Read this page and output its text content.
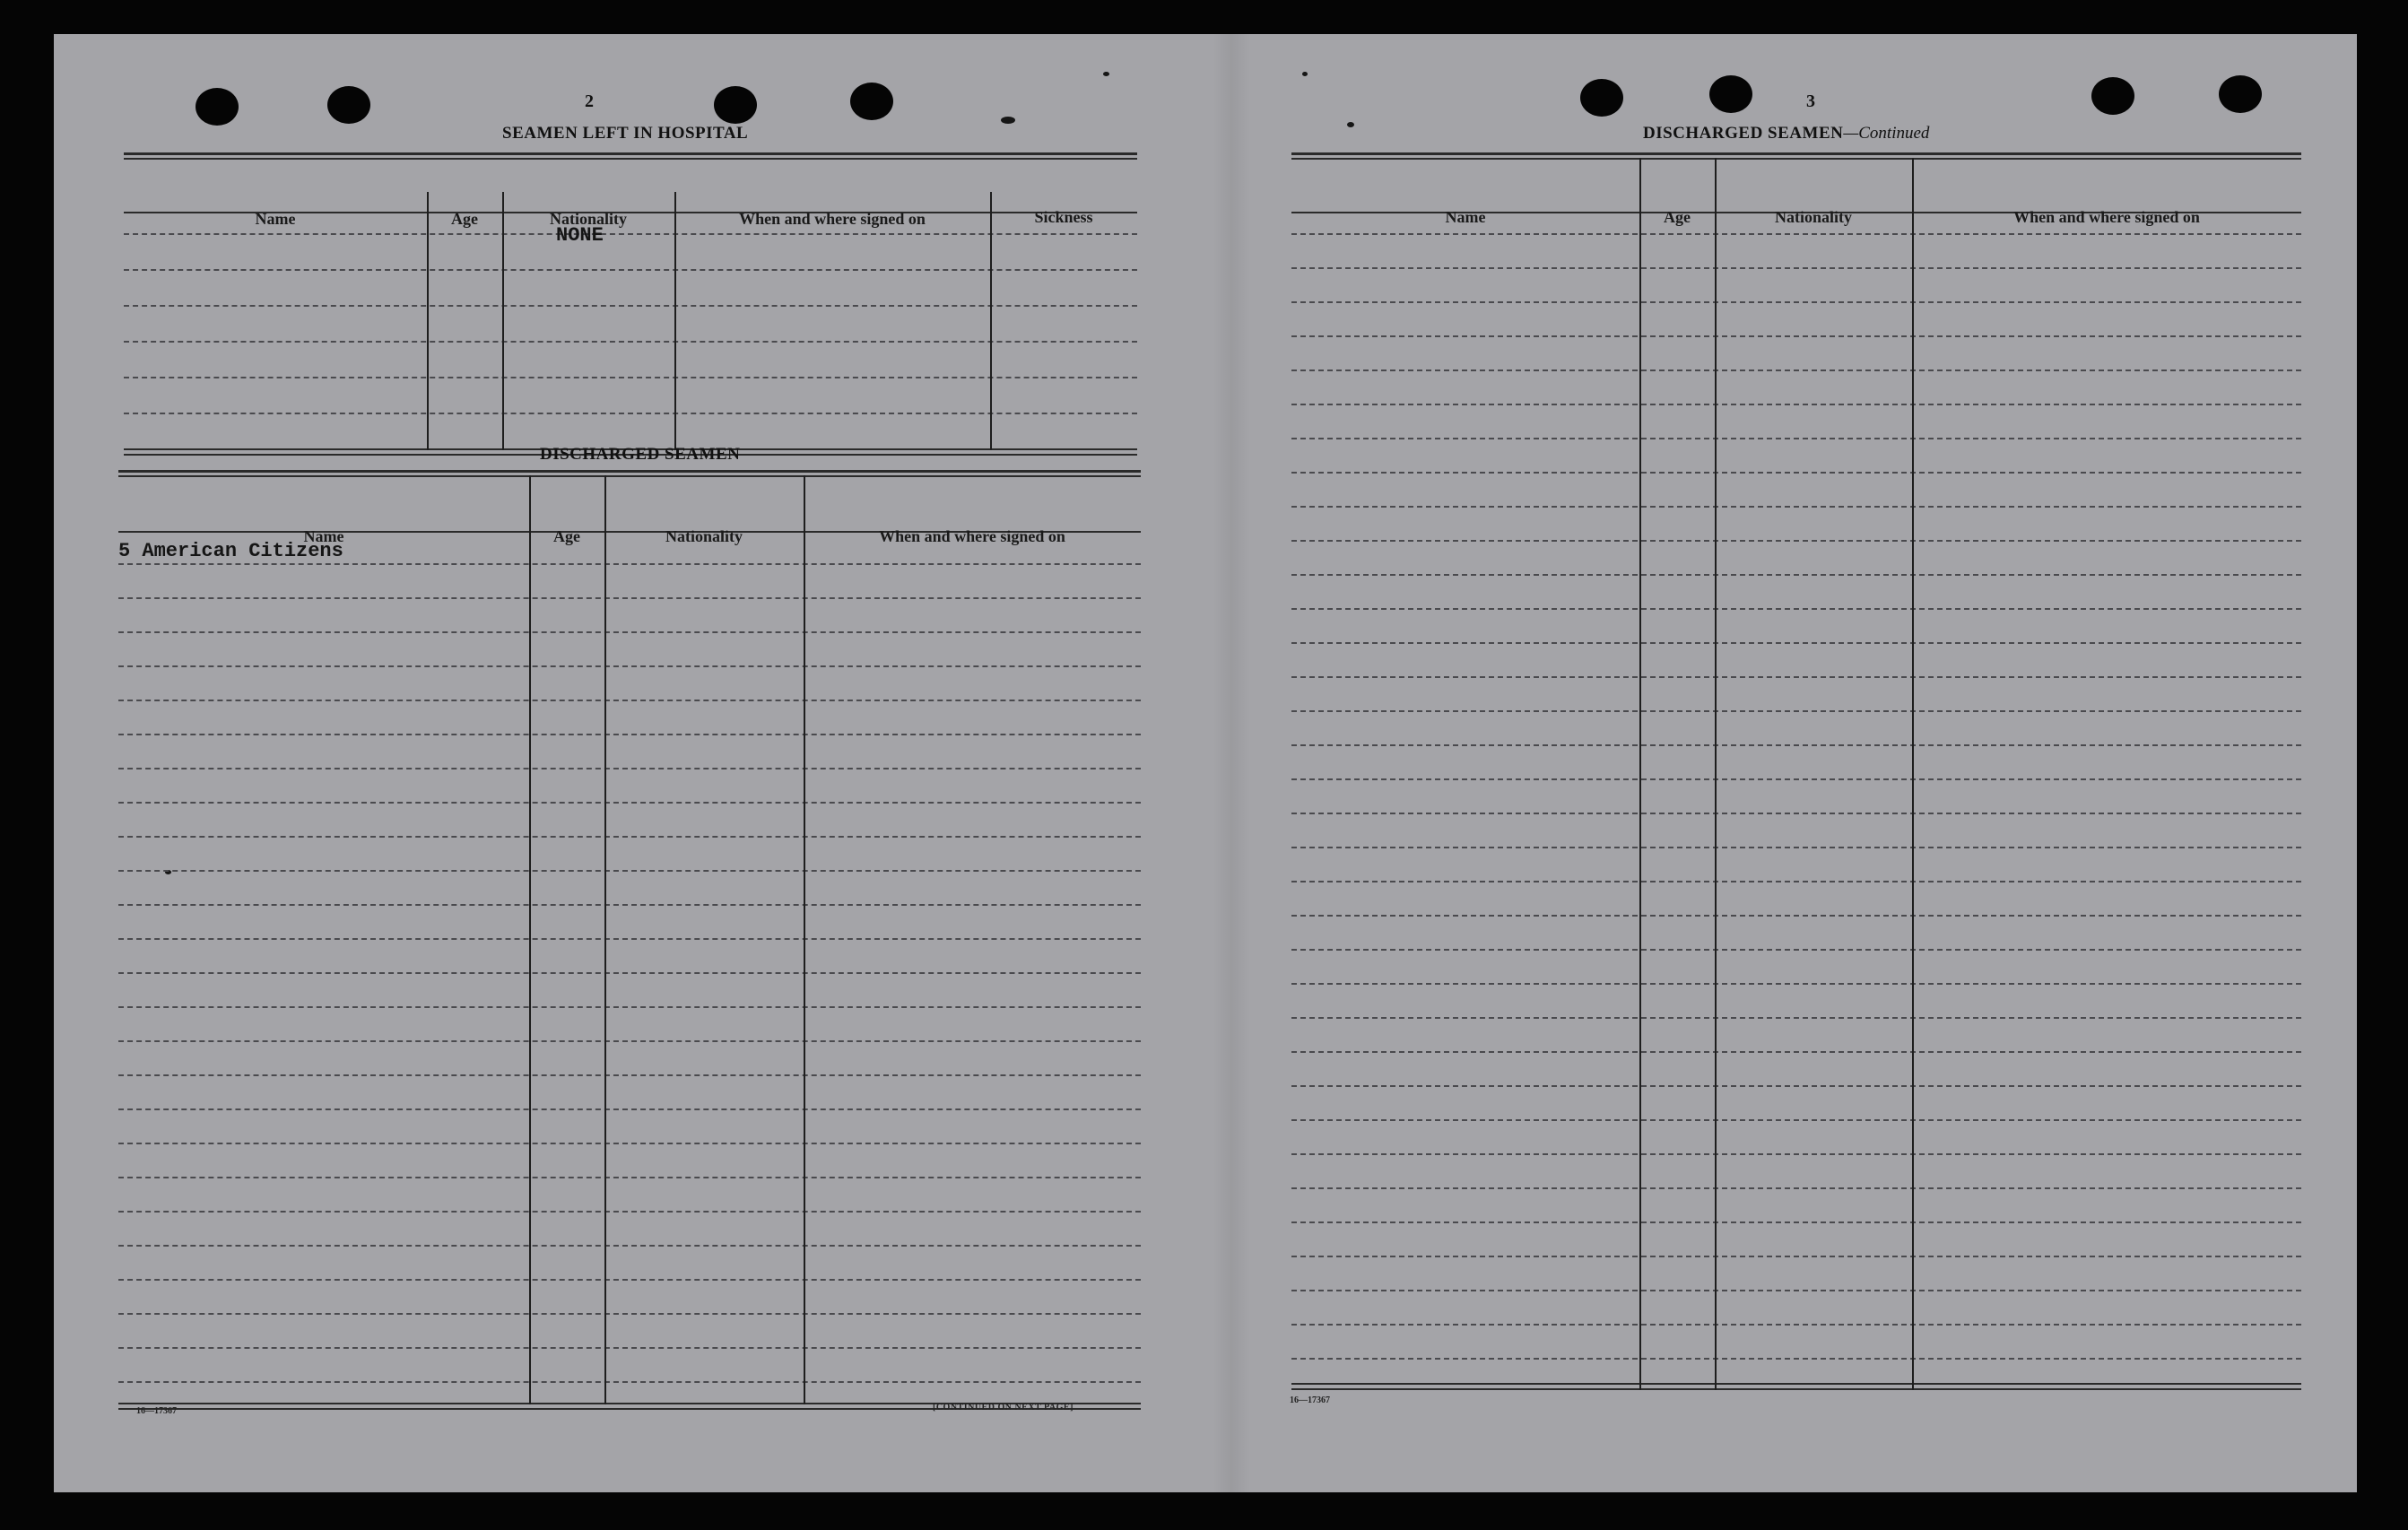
2
SEAMEN LEFT IN HOSPITAL
Name	Age	Nationality	When and where signed on	Sickness
NONE
DISCHARGED SEAMEN
Name	Age	Nationality	When and where signed on
5 American Citizens
16—17367	[CONTINUED ON NEXT PAGE]
3
DISCHARGED SEAMEN—Continued
Name	Age	Nationality	When and where signed on
16—17367
